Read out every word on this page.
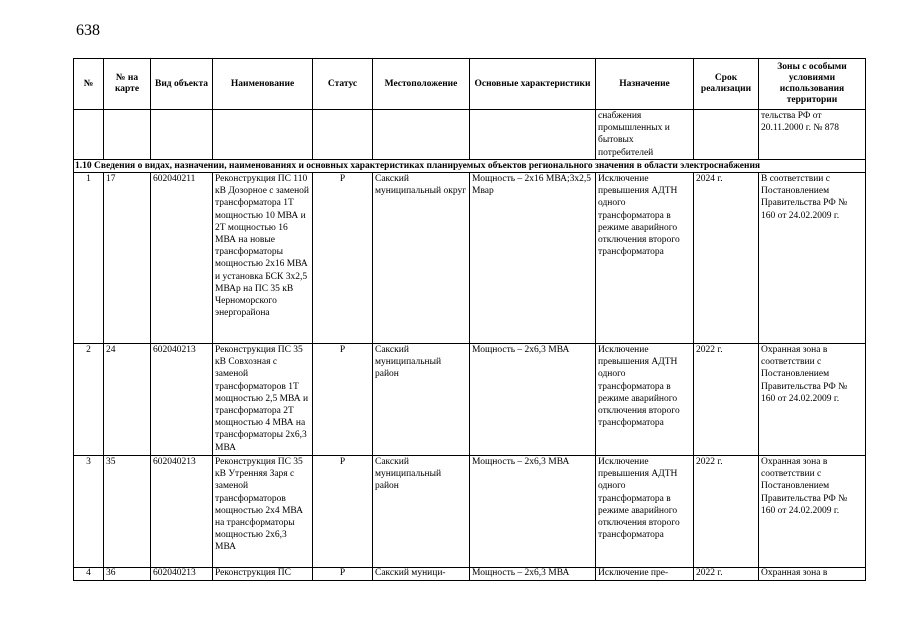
638
№	№ на карте	Вид объекта	Наименование	Статус	Местоположение	Основные характеристики	Назначение	Срок реализации	Зоны с особыми условиями использования территории
							снабжения промышленных и бытовых потребителей		тельства РФ от 20.11.2000 г. № 878
1.10 Сведения о видах, назначении, наименованиях и основных характеристиках планируемых объектов регионального значения в области электроснабжения									
1	17	602040211	Реконструкция ПС 110 кВ Дозорное с заменой трансформатора 1Т мощностью 10 МВА и 2Т мощностью 16 МВА на новые трансформаторы мощностью 2х16 МВА и установка БСК 3х2,5 МВАр на ПС 35 кВ Черноморского энергорайона	Р	Сакский муниципальный округ	Мощность – 2х16 МВА;3х2,5 Мвар	Исключение превышения АДТН одного трансформатора в режиме аварийного отключения второго трансформатора	2024 г.	В соответствии с Постановлением Правительства РФ № 160 от 24.02.2009 г.
2	24	602040213	Реконструкция ПС 35 кВ Совхозная с заменой трансформаторов 1Т мощностью 2,5 МВА и трансформатора 2Т мощностью 4 МВА на трансформаторы 2х6,3 МВА	Р	Сакский муниципальный район	Мощность – 2х6,3 МВА	Исключение превышения АДТН одного трансформатора в режиме аварийного отключения второго трансформатора	2022 г.	Охранная зона в соответствии с Постановлением Правительства РФ № 160 от 24.02.2009 г.
3	35	602040213	Реконструкция ПС 35 кВ Утренняя Заря с заменой трансформаторов мощностью 2х4 МВА на трансформаторы мощностью 2х6,3 МВА	Р	Сакский муниципальный район	Мощность – 2х6,3 МВА	Исключение превышения АДТН одного трансформатора в режиме аварийного отключения второго трансформатора	2022 г.	Охранная зона в соответствии с Постановлением Правительства РФ № 160 от 24.02.2009 г.
4	36	602040213	Реконструкция ПС	Р	Сакский муници-	Мощность – 2х6,3 МВА	Исключение пре-	2022 г.	Охранная зона в
